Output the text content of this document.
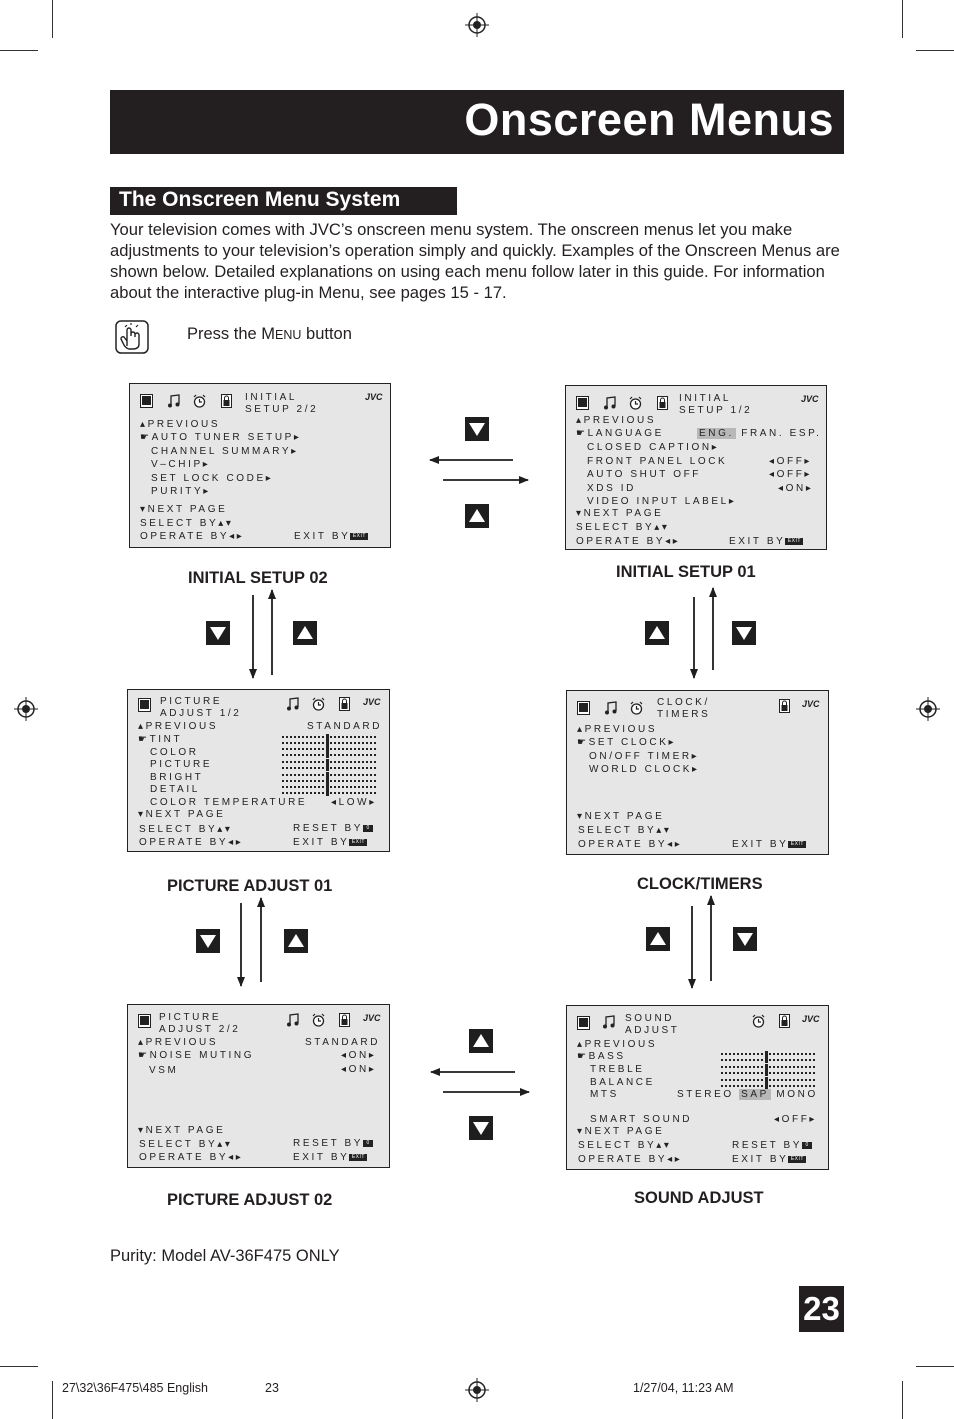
Onscreen Menus
The Onscreen Menu System
Your television comes with JVC’s onscreen menu system. The onscreen menus let you make adjustments to your television’s operation simply and quickly. Examples of the Onscreen Menus are shown below. Detailed explanations on using each menu follow later in this guide. For information about the interactive plug-in Menu, see pages 15 - 17.
Press the MENU button
INITIAL
SETUP 2/2
JVC
▴PREVIOUS
☛AUTO TUNER SETUP▸
CHANNEL SUMMARY▸
V–CHIP▸
SET LOCK CODE▸
PURITY▸
▾NEXT PAGE
SELECT BY▴▾
OPERATE BY◂▸	EXIT BY EXIT
INITIAL
SETUP 1/2
JVC
▴PREVIOUS
☛LANGUAGE	ENG. FRAN. ESP.
CLOSED CAPTION▸
FRONT PANEL LOCK	◂OFF▸
AUTO SHUT OFF	◂OFF▸
XDS ID	◂ON▸
VIDEO INPUT LABEL▸
▾NEXT PAGE
SELECT BY▴▾
OPERATE BY◂▸	EXIT BY EXIT
PICTURE
ADJUST 1/2
JVC
▴PREVIOUS	STANDARD
☛TINT
COLOR
PICTURE
BRIGHT
DETAIL
COLOR TEMPERATURE ◂LOW▸
▾NEXT PAGE
SELECT BY▴▾	RESET BY 0
OPERATE BY◂▸	EXIT BY EXIT
CLOCK/
TIMERS
JVC
▴PREVIOUS
☛SET CLOCK▸
ON/OFF TIMER▸
WORLD CLOCK▸
▾NEXT PAGE
SELECT BY▴▾
OPERATE BY◂▸	EXIT BY EXIT
PICTURE
ADJUST 2/2
JVC
▴PREVIOUS	STANDARD
☛NOISE MUTING	◂ON▸
VSM	◂ON▸
▾NEXT PAGE
SELECT BY▴▾	RESET BY 0
OPERATE BY◂▸	EXIT BY EXIT
SOUND
ADJUST
JVC
▴PREVIOUS
☛BASS
TREBLE
BALANCE
MTS	STEREO SAP MONO
SMART SOUND	◂OFF▸
▾NEXT PAGE
SELECT BY▴▾	RESET BY 0
OPERATE BY◂▸	EXIT BY EXIT
INITIAL SETUP 02	INITIAL SETUP 01
PICTURE ADJUST 01	CLOCK/TIMERS
PICTURE ADJUST 02	SOUND ADJUST
Purity: Model AV-36F475 ONLY
23
27\32\36F475\485 English	23	1/27/04, 11:23 AM
